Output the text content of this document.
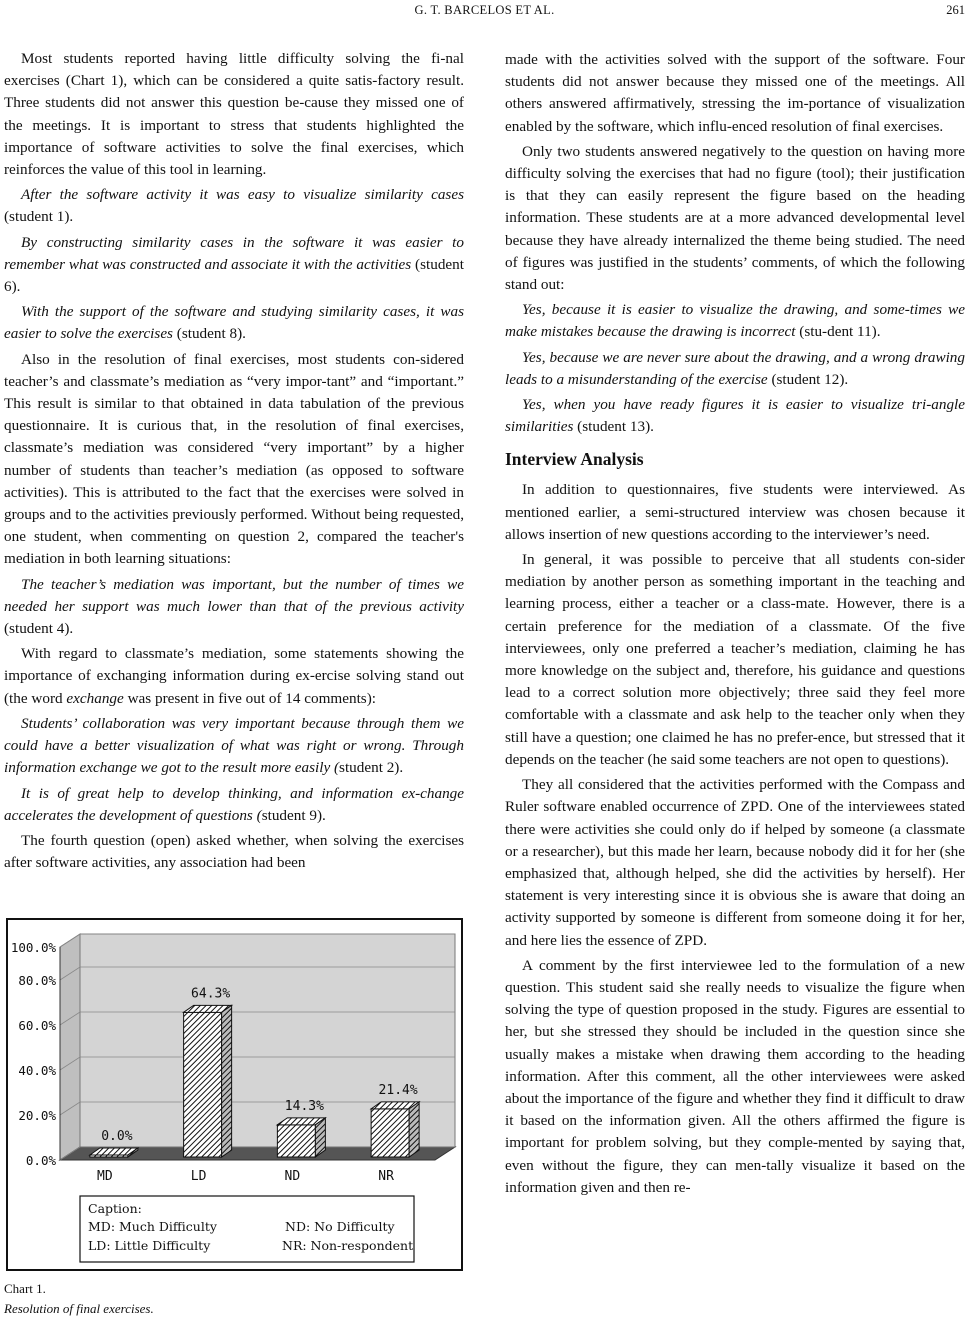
G. T. BARCELOS ET AL.	261

Most students reported having little difficulty solving the fi-nal exercises (Chart 1), which can be considered a quite satis-factory result. Three students did not answer this question be-cause they missed one of the meetings. It is important to stress that students highlighted the importance of software activities to solve the final exercises, which reinforces the value of this tool in learning.

After the software activity it was easy to visualize similarity cases (student 1).

By constructing similarity cases in the software it was easier to remember what was constructed and associate it with the activities (student 6).

With the support of the software and studying similarity cases, it was easier to solve the exercises (student 8).

Also in the resolution of final exercises, most students con-sidered teacher’s and classmate’s mediation as “very impor-tant” and “important.” This result is similar to that obtained in data tabulation of the previous questionnaire. It is curious that, in the resolution of final exercises, classmate’s mediation was considered “very important” by a higher number of students than teacher’s mediation (as opposed to software activities). This is attributed to the fact that the exercises were solved in groups and to the activities previously performed. Without being requested, one student, when commenting on question 2, compared the teacher's mediation in both learning situations:

The teacher’s mediation was important, but the number of times we needed her support was much lower than that of the previous activity (student 4).

With regard to classmate’s mediation, some statements showing the importance of exchanging information during ex-ercise solving stand out (the word exchange was present in five out of 14 comments):

Students’ collaboration was very important because through them we could have a better visualization of what was right or wrong. Through information exchange we got to the result more easily (student 2).

It is of great help to develop thinking, and information ex-change accelerates the development of questions (student 9).

The fourth question (open) asked whether, when solving the exercises after software activities, any association had been

made with the activities solved with the support of the software. Four students did not answer because they missed one of the meetings. All others answered affirmatively, stressing the im-portance of visualization enabled by the software, which influ-enced resolution of final exercises.

Only two students answered negatively to the question on having more difficulty solving the exercises that had no figure (tool); their justification is that they can easily represent the figure based on the heading information. These students are at a more advanced developmental level because they have already internalized the theme being studied. The need of figures was justified in the students’ comments, of which the following stand out:

Yes, because it is easier to visualize the drawing, and some-times we make mistakes because the drawing is incorrect (stu-dent 11).

Yes, because we are never sure about the drawing, and a wrong drawing leads to a misunderstanding of the exercise (student 12).

Yes, when you have ready figures it is easier to visualize tri-angle similarities (student 13).

Interview Analysis

In addition to questionnaires, five students were interviewed. As mentioned earlier, a semi-structured interview was chosen because it allows insertion of new questions according to the interviewer’s need.

In general, it was possible to perceive that all students con-sider mediation by another person as something important in the teaching and learning process, either a teacher or a class-mate. However, there is a certain preference for the mediation of a classmate. Of the five interviewees, only one preferred a teacher’s mediation, claiming he has more knowledge on the subject and, therefore, his guidance and questions lead to a correct solution more objectively; three said they feel more comfortable with a classmate and ask help to the teacher only when they still have a question; one claimed he has no prefer-ence, but stressed that it depends on the teacher (he said some teachers are not open to questions).

They all considered that the activities performed with the Compass and Ruler software enabled occurrence of ZPD. One of the interviewees stated there were activities she could only do if helped by someone (a classmate or a researcher), but this made her learn, because nobody did it for her (she emphasized that, although helped, she did the activities by herself). Her statement is very interesting since it is obvious she is aware that doing an activity supported by someone is different from someone doing it for her, and here lies the essence of ZPD.

A comment by the first interviewee led to the formulation of a new question. This student said she really needs to visualize the figure when solving the type of question proposed in the study. Figures are essential to her, but she stressed they should be included in the question since she usually makes a mistake when drawing them according to the heading information. After this comment, all the other interviewees were asked about the importance of the figure and whether they find it difficult to draw it based on the information given. All the others affirmed the figure is important for problem solving, but they comple-mented by saying that, even without the figure, they can men-tally visualize it based on the information given and then re-

0.0%
20.0%
40.0%
60.0%
80.0%
100.0%
0.0%
MD
64.3%
LD
14.3%
ND
21.4%
NR
Caption:
MD: Much Difficulty	ND: No Difficulty
LD: Little Difficulty	NR: Non-respondent
Chart 1.
Resolution of final exercises.
